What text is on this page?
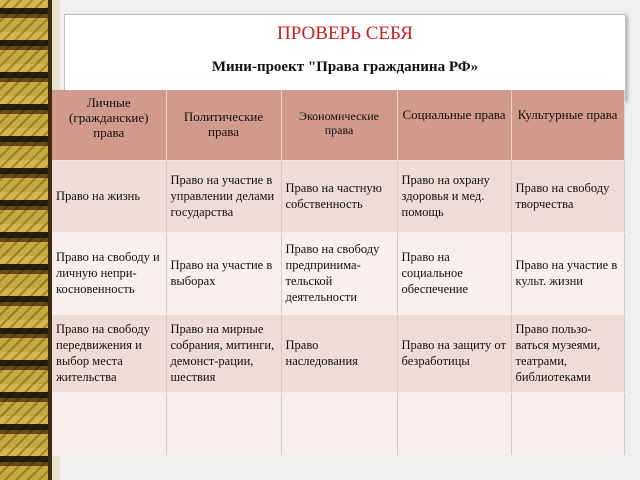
ПРОВЕРЬ СЕБЯ
Мини-проект "Права гражданина РФ»
Личные (гражданские) права	Политические права	Экономические права	Социальные права	Культурные права
Право на жизнь	Право на участие в управлении делами государства	Право на частную собственность	Право на охрану здоровья и мед. помощь	Право на свободу творчества
Право на свободу и личную непри-косновенность	Право на участие в выборах	Право на свободу предпринима-тельской деятельности	Право на социальное обеспечение	Право на участие в культ. жизни
Право на свободу передвижения и выбор места жительства	Право на мирные собрания, митинги, демонст-рации, шествия	Право наследования	Право на защиту от безработицы	Право пользо-ваться музеями, театрами, библиотеками
